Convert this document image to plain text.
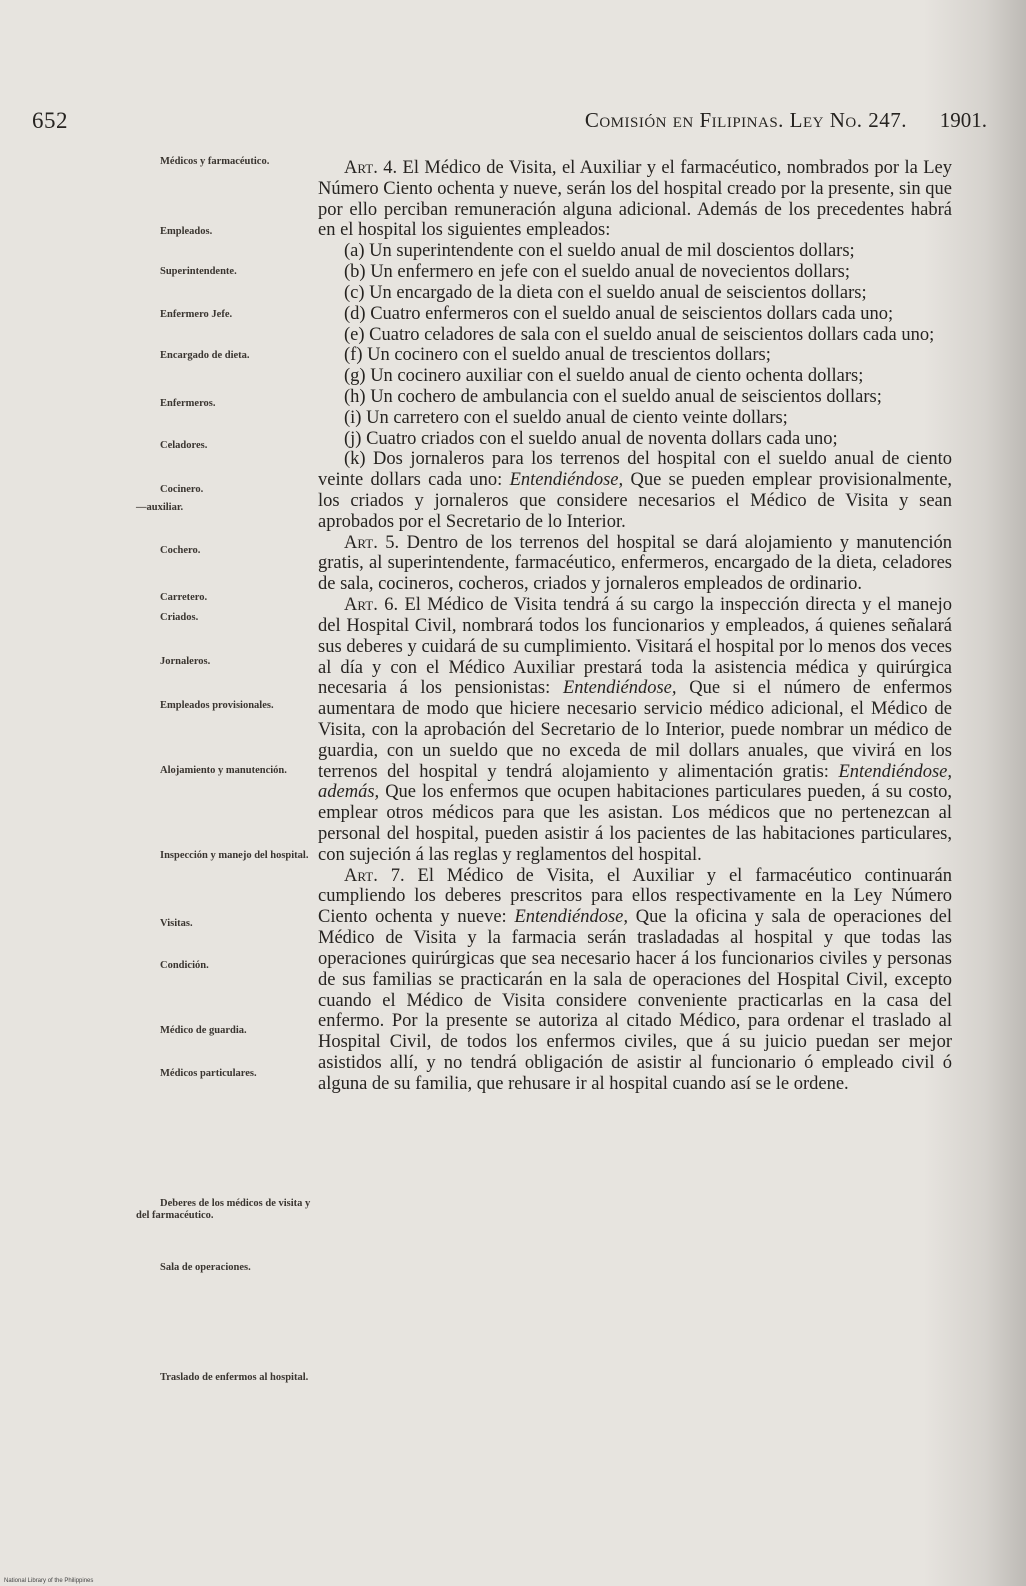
652	Comisión en Filipinas. Ley No. 247. 1901.
Médicos y farmacéutico.
Empleados.
Superintendente.
Enfermero Jefe.
Encargado de dieta.
Enfermeros.
Celadores.
Cocinero.
—auxiliar.
Cochero.
Carretero.
Criados.
Jornaleros.
Empleados provisionales.
Alojamiento y manutención.
Inspección y manejo del hospital.
Visitas.
Condición.
Médico de guardia.
Médicos particulares.
Deberes de los médicos de visita y del farmacéutico.
Sala de operaciones.
Traslado de enfermos al hospital.

Art. 4. El Médico de Visita, el Auxiliar y el farmacéutico, nombrados por la Ley Número Ciento ochenta y nueve, serán los del hospital creado por la presente, sin que por ello perciban remuneración alguna adicional. Además de los precedentes habrá en el hospital los siguientes empleados:

(a) Un superintendente con el sueldo anual de mil doscientos dollars;

(b) Un enfermero en jefe con el sueldo anual de novecientos dollars;

(c) Un encargado de la dieta con el sueldo anual de seiscientos dollars;

(d) Cuatro enfermeros con el sueldo anual de seiscientos dollars cada uno;

(e) Cuatro celadores de sala con el sueldo anual de seiscientos dollars cada uno;

(f) Un cocinero con el sueldo anual de trescientos dollars;

(g) Un cocinero auxiliar con el sueldo anual de ciento ochenta dollars;

(h) Un cochero de ambulancia con el sueldo anual de seiscientos dollars;

(i) Un carretero con el sueldo anual de ciento veinte dollars;

(j) Cuatro criados con el sueldo anual de noventa dollars cada uno;

(k) Dos jornaleros para los terrenos del hospital con el sueldo anual de ciento veinte dollars cada uno: Entendiéndose, Que se pueden emplear provisionalmente, los criados y jornaleros que considere necesarios el Médico de Visita y sean aprobados por el Secretario de lo Interior.

Art. 5. Dentro de los terrenos del hospital se dará alojamiento y manutención gratis, al superintendente, farmacéutico, enfermeros, encargado de la dieta, celadores de sala, cocineros, cocheros, criados y jornaleros empleados de ordinario.

Art. 6. El Médico de Visita tendrá á su cargo la inspección directa y el manejo del Hospital Civil, nombrará todos los funcionarios y empleados, á quienes señalará sus deberes y cuidará de su cumplimiento. Visitará el hospital por lo menos dos veces al día y con el Médico Auxiliar prestará toda la asistencia médica y quirúrgica necesaria á los pensionistas: Entendiéndose, Que si el número de enfermos aumentara de modo que hiciere necesario servicio médico adicional, el Médico de Visita, con la aprobación del Secretario de lo Interior, puede nombrar un médico de guardia, con un sueldo que no exceda de mil dollars anuales, que vivirá en los terrenos del hospital y tendrá alojamiento y alimentación gratis: Entendiéndose, además, Que los enfermos que ocupen habitaciones particulares pueden, á su costo, emplear otros médicos para que les asistan. Los médicos que no pertenezcan al personal del hospital, pueden asistir á los pacientes de las habitaciones particulares, con sujeción á las reglas y reglamentos del hospital.

Art. 7. El Médico de Visita, el Auxiliar y el farmacéutico continuarán cumpliendo los deberes prescritos para ellos respectivamente en la Ley Número Ciento ochenta y nueve: Entendiéndose, Que la oficina y sala de operaciones del Médico de Visita y la farmacia serán trasladadas al hospital y que todas las operaciones quirúrgicas que sea necesario hacer á los funcionarios civiles y personas de sus familias se practicarán en la sala de operaciones del Hospital Civil, excepto cuando el Médico de Visita considere conveniente practicarlas en la casa del enfermo. Por la presente se autoriza al citado Médico, para ordenar el traslado al Hospital Civil, de todos los enfermos civiles, que á su juicio puedan ser mejor asistidos allí, y no tendrá obligación de asistir al funcionario ó empleado civil ó alguna de su familia, que rehusare ir al hospital cuando así se le ordene.

National Library of the Philippines
